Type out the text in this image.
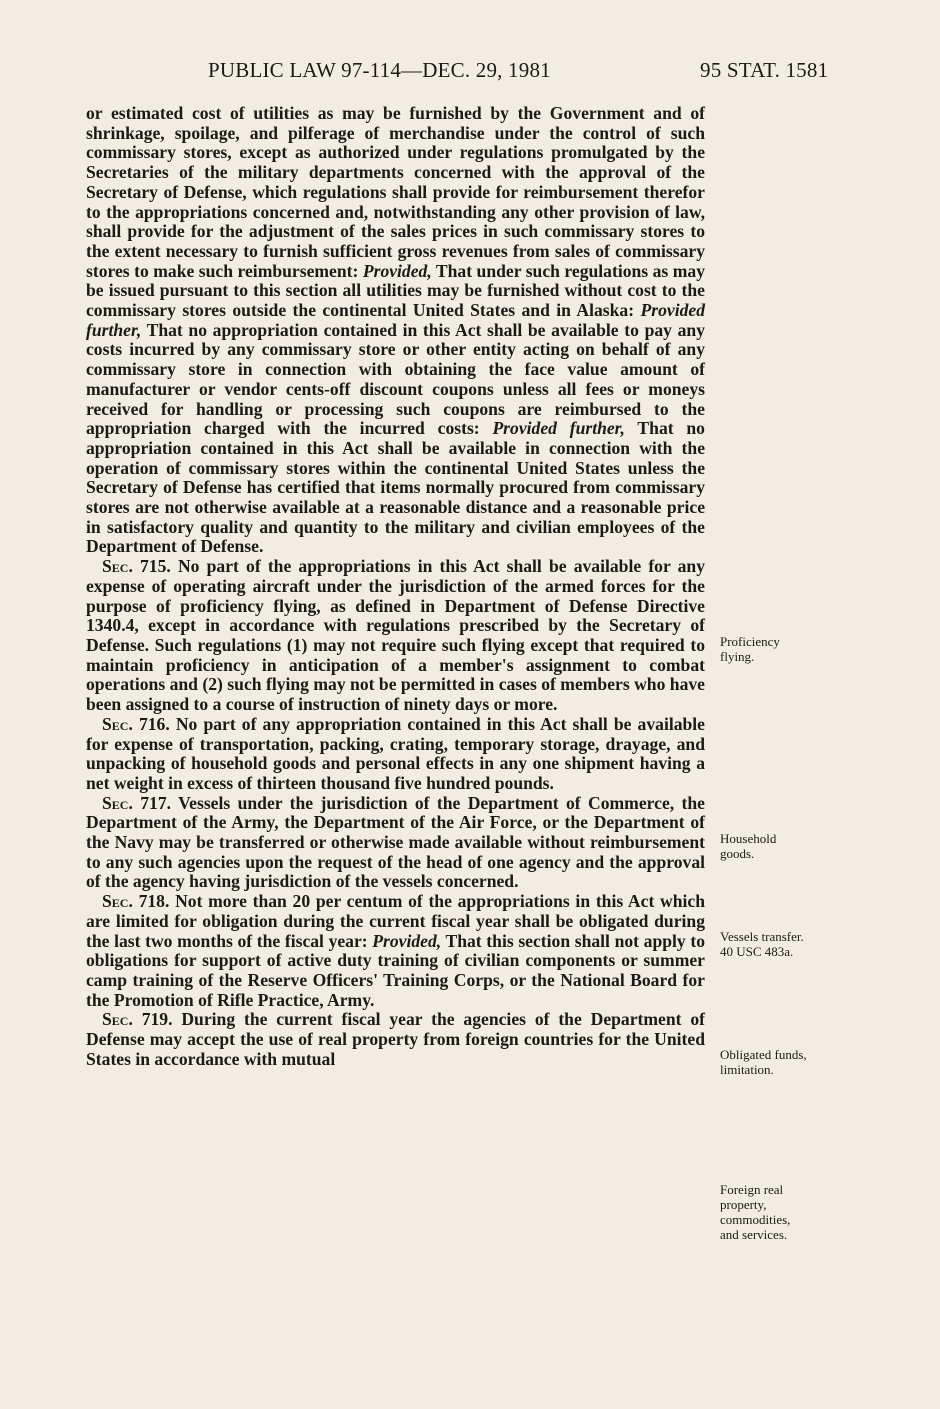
PUBLIC LAW 97-114—DEC. 29, 1981	95 STAT. 1581

or estimated cost of utilities as may be furnished by the Government and of shrinkage, spoilage, and pilferage of merchandise under the control of such commissary stores, except as authorized under regulations promulgated by the Secretaries of the military departments concerned with the approval of the Secretary of Defense, which regulations shall provide for reimbursement therefor to the appropriations concerned and, notwithstanding any other provision of law, shall provide for the adjustment of the sales prices in such commissary stores to the extent necessary to furnish sufficient gross revenues from sales of commissary stores to make such reimbursement: Provided, That under such regulations as may be issued pursuant to this section all utilities may be furnished without cost to the commissary stores outside the continental United States and in Alaska: Provided further, That no appropriation contained in this Act shall be available to pay any costs incurred by any commissary store or other entity acting on behalf of any commissary store in connection with obtaining the face value amount of manufacturer or vendor cents-off discount coupons unless all fees or moneys received for handling or processing such coupons are reimbursed to the appropriation charged with the incurred costs: Provided further, That no appropriation contained in this Act shall be available in connection with the operation of commissary stores within the continental United States unless the Secretary of Defense has certified that items normally procured from commissary stores are not otherwise available at a reasonable distance and a reasonable price in satisfactory quality and quantity to the military and civilian employees of the Department of Defense.

Sec. 715. No part of the appropriations in this Act shall be available for any expense of operating aircraft under the jurisdiction of the armed forces for the purpose of proficiency flying, as defined in Department of Defense Directive 1340.4, except in accordance with regulations prescribed by the Secretary of Defense. Such regulations (1) may not require such flying except that required to maintain proficiency in anticipation of a member's assignment to combat operations and (2) such flying may not be permitted in cases of members who have been assigned to a course of instruction of ninety days or more.

Sec. 716. No part of any appropriation contained in this Act shall be available for expense of transportation, packing, crating, temporary storage, drayage, and unpacking of household goods and personal effects in any one shipment having a net weight in excess of thirteen thousand five hundred pounds.

Sec. 717. Vessels under the jurisdiction of the Department of Commerce, the Department of the Army, the Department of the Air Force, or the Department of the Navy may be transferred or otherwise made available without reimbursement to any such agencies upon the request of the head of one agency and the approval of the agency having jurisdiction of the vessels concerned.

Sec. 718. Not more than 20 per centum of the appropriations in this Act which are limited for obligation during the current fiscal year shall be obligated during the last two months of the fiscal year: Provided, That this section shall not apply to obligations for support of active duty training of civilian components or summer camp training of the Reserve Officers' Training Corps, or the National Board for the Promotion of Rifle Practice, Army.

Sec. 719. During the current fiscal year the agencies of the Department of Defense may accept the use of real property from foreign countries for the United States in accordance with mutual

Proficiency
flying.
Household
goods.
Vessels transfer.
40 USC 483a.
Obligated funds,
limitation.
Foreign real
property,
commodities,
and services.
